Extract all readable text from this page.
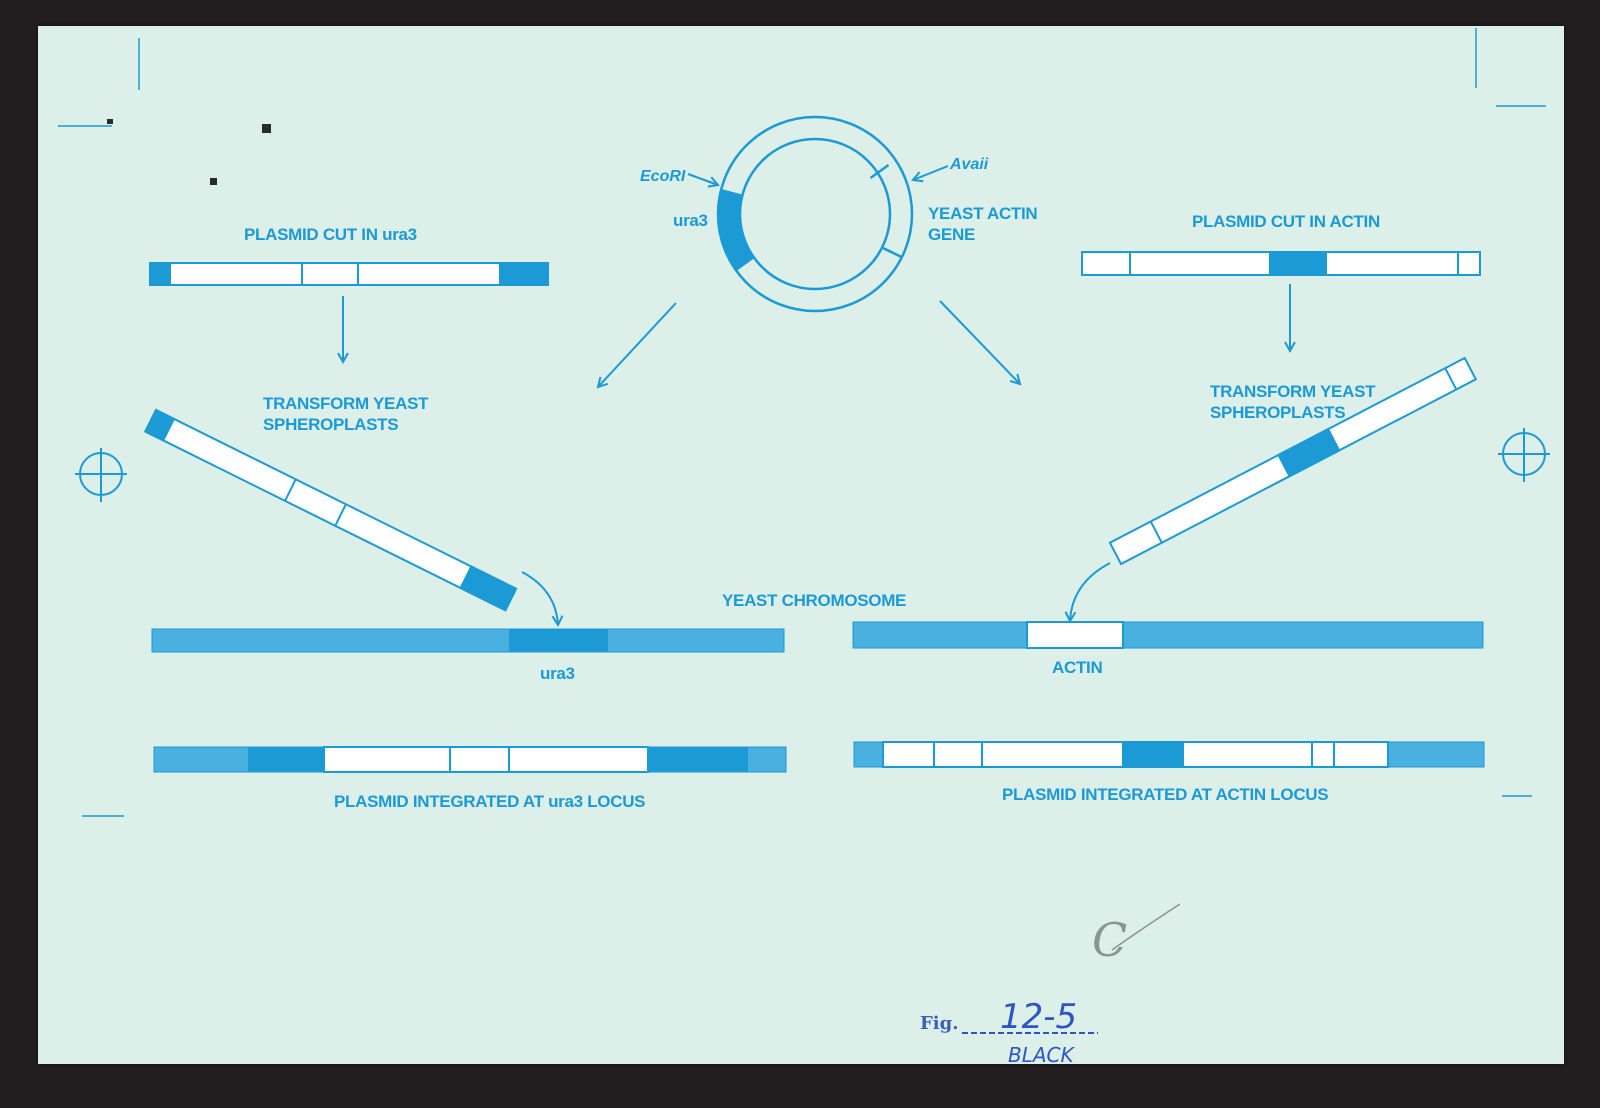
EcoRI
Avaii
ura3	YEAST ACTIN
GENE
PLASMID CUT IN ura3
TRANSFORM YEAST
SPHEROPLASTS
YEAST CHROMOSOME
ura3	ACTIN
PLASMID CUT IN ACTIN
TRANSFORM YEAST
SPHEROPLASTS
PLASMID INTEGRATED AT ura3 LOCUS	PLASMID INTEGRATED AT ACTIN LOCUS
Fig. 12-5
BLACK
C
